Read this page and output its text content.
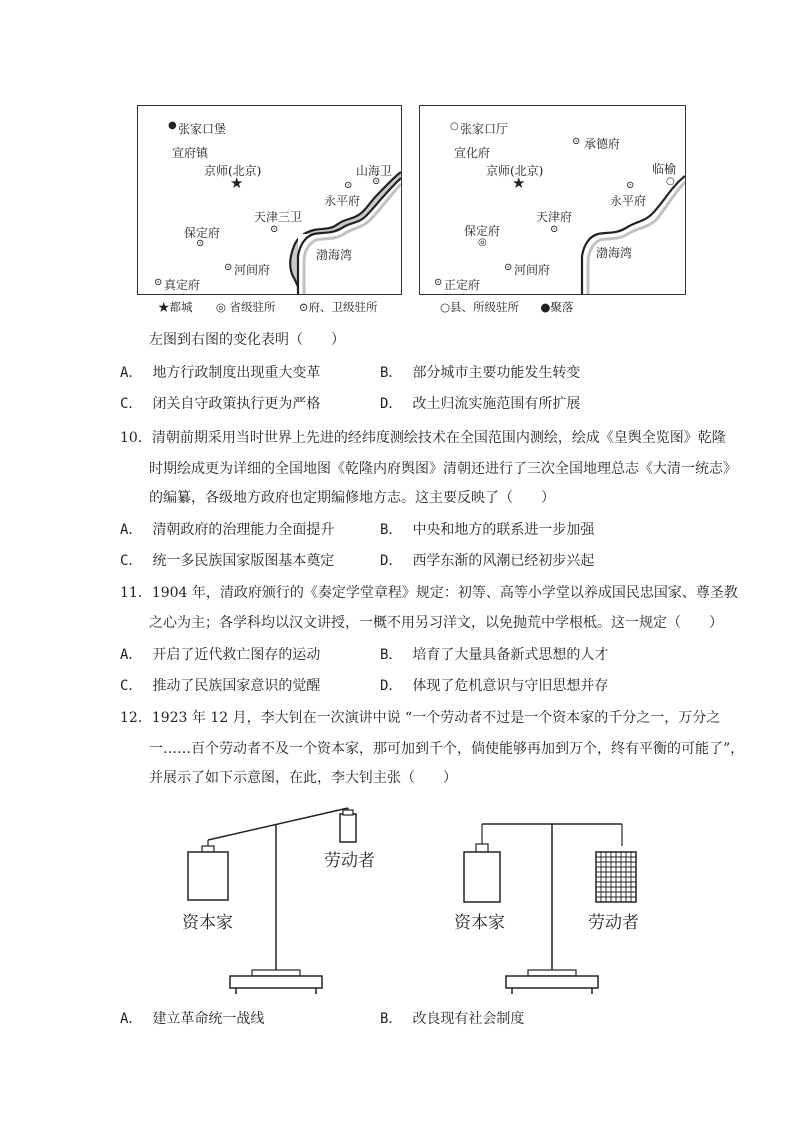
● 张家口堡
宣府镇
京师(北京)
★
山海卫
⊙
⊙
永平府
天津三卫
⊙
保定府
⊙
渤海湾
⊙ 河间府
⊙ 真定府
★都城 ◎ 省级驻所 ⊙府、卫级驻所
○ 张家口厅
⊙ 承德府
宣化府
京师(北京)
★
临榆
○
⊙
永平府
天津府
⊙
保定府
◎
渤海湾
⊙ 河间府
⊙ 正定府
○县、所级驻所 ●聚落
左图到右图的变化表明（　　）
A． 地方行政制度出现重大变革	B． 部分城市主要功能发生转变
C． 闭关自守政策执行更为严格	D． 改土归流实施范围有所扩展
10．清朝前期采用当时世界上先进的经纬度测绘技术在全国范围内测绘，绘成《皇舆全览图》乾隆
时期绘成更为详细的全国地图《乾隆内府舆图》清朝还进行了三次全国地理总志《大清一统志》
的编纂，各级地方政府也定期编修地方志。这主要反映了（　　）
A． 清朝政府的治理能力全面提升	B． 中央和地方的联系进一步加强
C． 统一多民族国家版图基本奠定	D． 西学东渐的风潮已经初步兴起
11．1904 年，清政府颁行的《奏定学堂章程》规定：初等、高等小学堂以养成国民忠国家、尊圣教
之心为主；各学科均以汉文讲授，一概不用另习洋文，以免抛荒中学根柢。这一规定（　　）
A． 开启了近代救亡图存的运动	B． 培育了大量具备新式思想的人才
C． 推动了民族国家意识的觉醒	D． 体现了危机意识与守旧思想并存
12．1923 年 12 月，李大钊在一次演讲中说 “一个劳动者不过是一个资本家的千分之一，万分之
一……百个劳动者不及一个资本家，那可加到千个，倘使能够再加到万个，终有平衡的可能了”，
并展示了如下示意图，在此，李大钊主张（　　）
资本家
劳动者
资本家	劳动者
A． 建立革命统一战线	B． 改良现有社会制度
